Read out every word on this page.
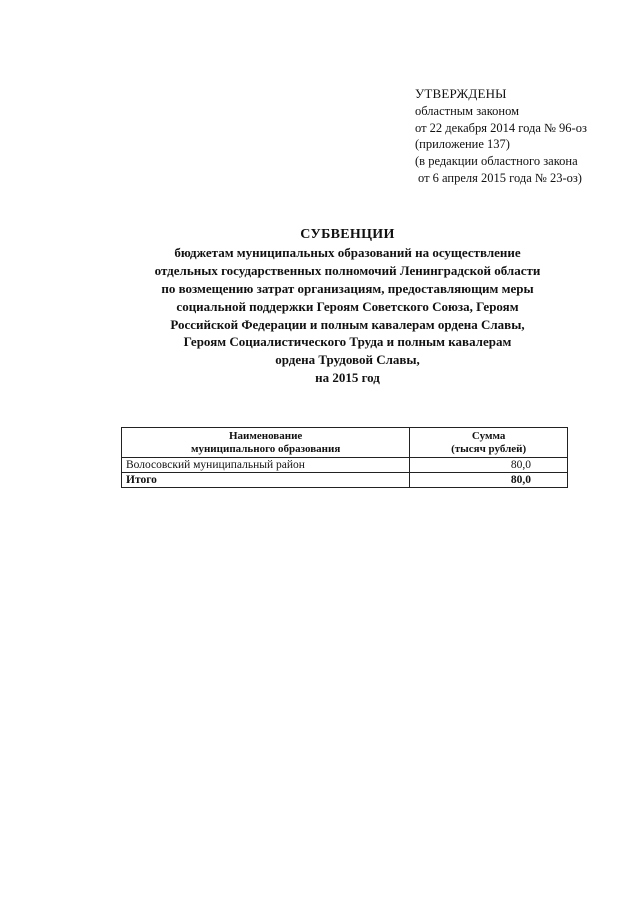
УТВЕРЖДЕНЫ
областным законом
от 22 декабря 2014 года № 96-оз
(приложение 137)
(в редакции областного закона
от 6 апреля 2015 года № 23-оз)
СУБВЕНЦИИ
бюджетам муниципальных образований на осуществление
отдельных государственных полномочий Ленинградской области
по возмещению затрат организациям, предоставляющим меры
социальной поддержки Героям Советского Союза, Героям
Российской Федерации и полным кавалерам ордена Славы,
Героям Социалистического Труда и полным кавалерам
ордена Трудовой Славы,
на 2015 год
Наименование
муниципального образования	Сумма
(тысяч рублей)
Волосовский муниципальный район	80,0
Итого	80,0
